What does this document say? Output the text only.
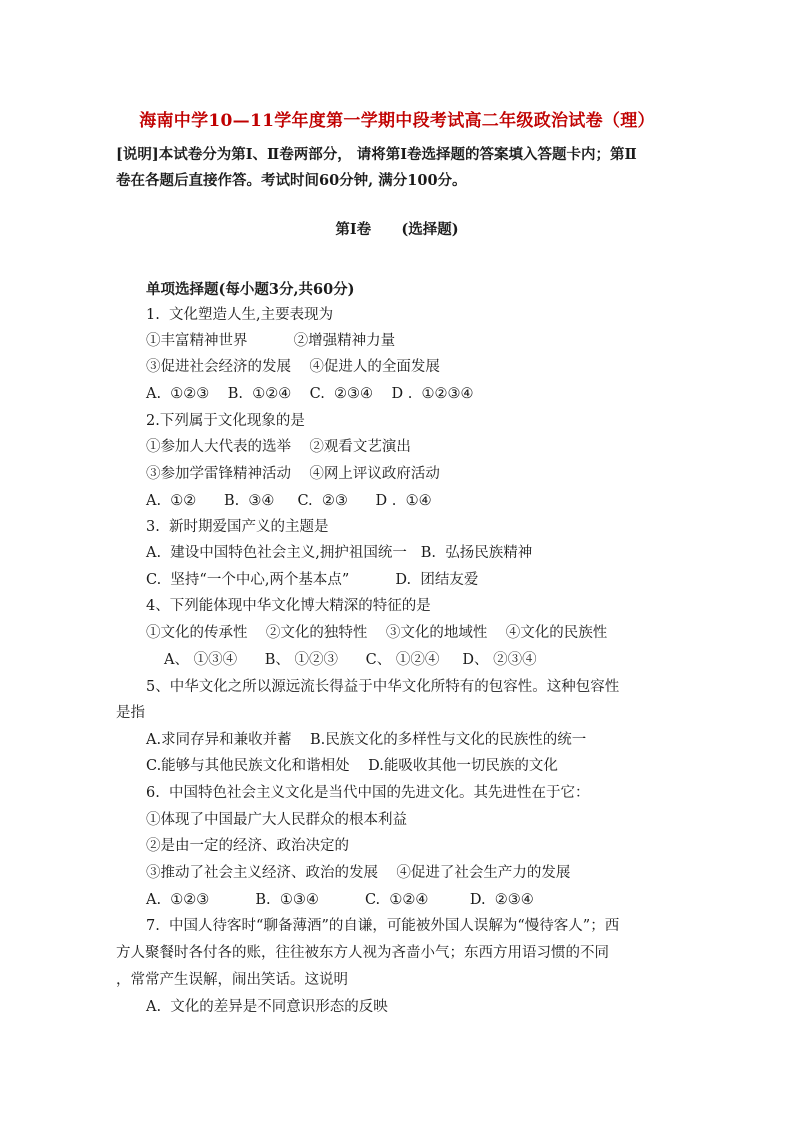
海南中学10—11学年度第一学期中段考试高二年级政治试卷（理）
[说明]本试卷分为第Ⅰ、Ⅱ卷两部分， 请将第Ⅰ卷选择题的答案填入答题卡内；第Ⅱ
卷在各题后直接作答。考试时间60分钟, 满分100分。
第Ⅰ卷      (选择题)
单项选择题(每小题3分,共60分)
1.  文化塑造人生,主要表现为
①丰富精神世界          ②增强精神力量
③促进社会经济的发展    ④促进人的全面发展
A.  ①②③    B.  ①②④    C.  ②③④    D .  ①②③④
2.下列属于文化现象的是
①参加人大代表的选举    ②观看文艺演出
③参加学雷锋精神活动    ④网上评议政府活动
A.  ①②      B.  ③④     C.  ②③      D .  ①④
3.  新时期爱国产义的主题是
A.  建设中国特色社会主义,拥护祖国统一   B.  弘扬民族精神
C.  坚持“一个中心,两个基本点”          D.  团结友爱
4、下列能体现中华文化博大精深的特征的是
①文化的传承性    ②文化的独特性    ③文化的地域性    ④文化的民族性
A、 ①③④      B、 ①②③      C、 ①②④     D、 ②③④
5、中华文化之所以源远流长得益于中华文化所特有的包容性。这种包容性
是指
A.求同存异和兼收并蓄    B.民族文化的多样性与文化的民族性的统一
C.能够与其他民族文化和谐相处    D.能吸收其他一切民族的文化
6.  中国特色社会主义文化是当代中国的先进文化。其先进性在于它：
①体现了中国最广大人民群众的根本利益
②是由一定的经济、政治决定的
③推动了社会主义经济、政治的发展    ④促进了社会生产力的发展
A.  ①②③          B.  ①③④          C.  ①②④         D.  ②③④
7.  中国人待客时“聊备薄酒”的自谦，可能被外国人误解为“慢待客人”；西
方人聚餐时各付各的账，往往被东方人视为吝啬小气；东西方用语习惯的不同
，常常产生误解，闹出笑话。这说明
A.  文化的差异是不同意识形态的反映
